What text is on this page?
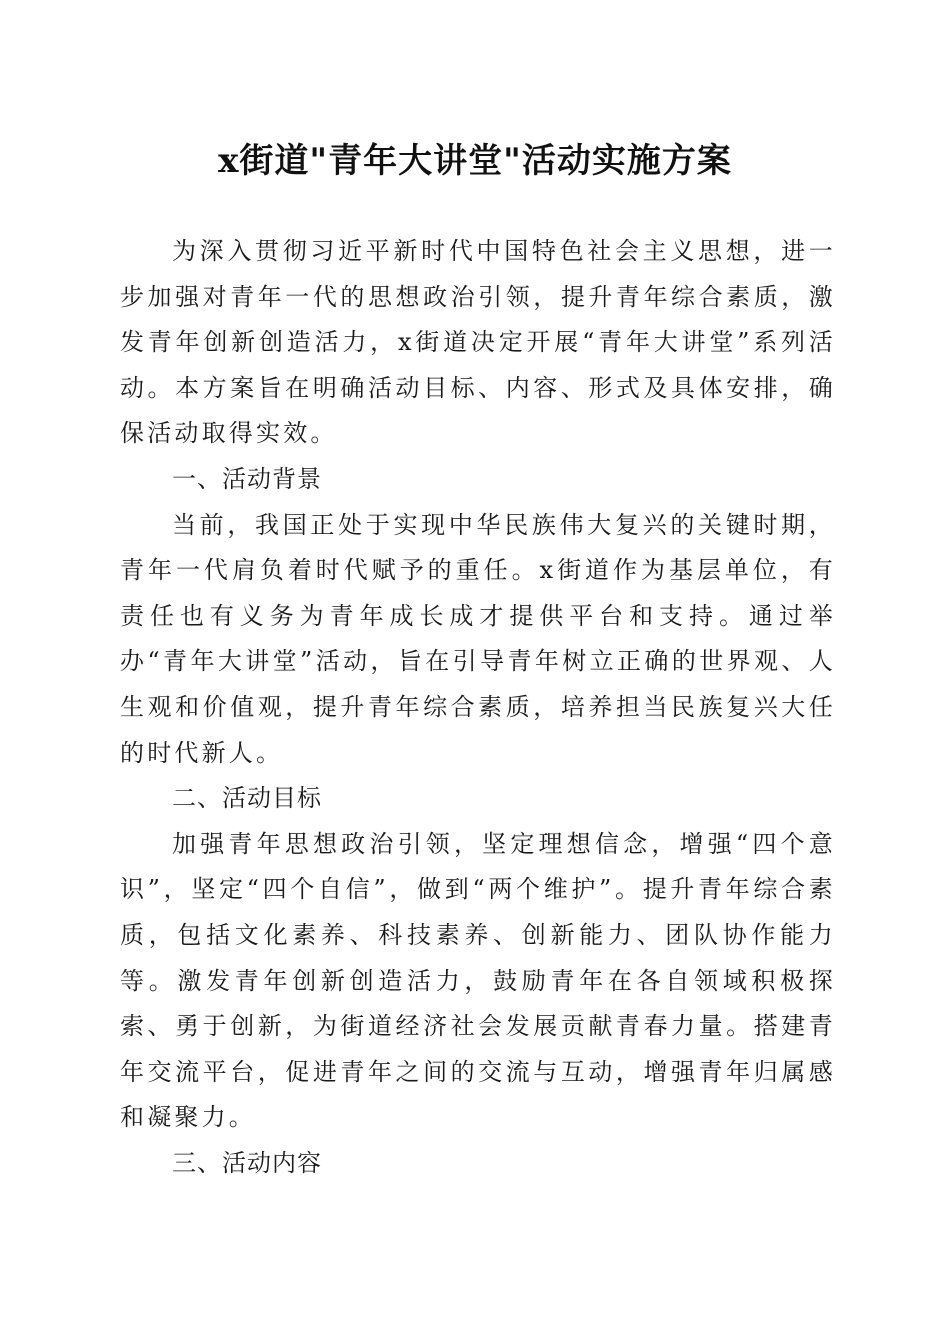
x街道"青年大讲堂"活动实施方案

为深入贯彻习近平新时代中国特色社会主义思想，进一步加强对青年一代的思想政治引领，提升青年综合素质，激发青年创新创造活力，x街道决定开展“青年大讲堂”系列活动。本方案旨在明确活动目标、内容、形式及具体安排，确保活动取得实效。

一、活动背景

当前，我国正处于实现中华民族伟大复兴的关键时期，青年一代肩负着时代赋予的重任。x街道作为基层单位，有责任也有义务为青年成长成才提供平台和支持。通过举办“青年大讲堂”活动，旨在引导青年树立正确的世界观、人生观和价值观，提升青年综合素质，培养担当民族复兴大任的时代新人。

二、活动目标

加强青年思想政治引领，坚定理想信念，增强“四个意识”，坚定“四个自信”，做到“两个维护”。提升青年综合素质，包括文化素养、科技素养、创新能力、团队协作能力等。激发青年创新创造活力，鼓励青年在各自领域积极探索、勇于创新，为街道经济社会发展贡献青春力量。搭建青年交流平台，促进青年之间的交流与互动，增强青年归属感和凝聚力。

三、活动内容
